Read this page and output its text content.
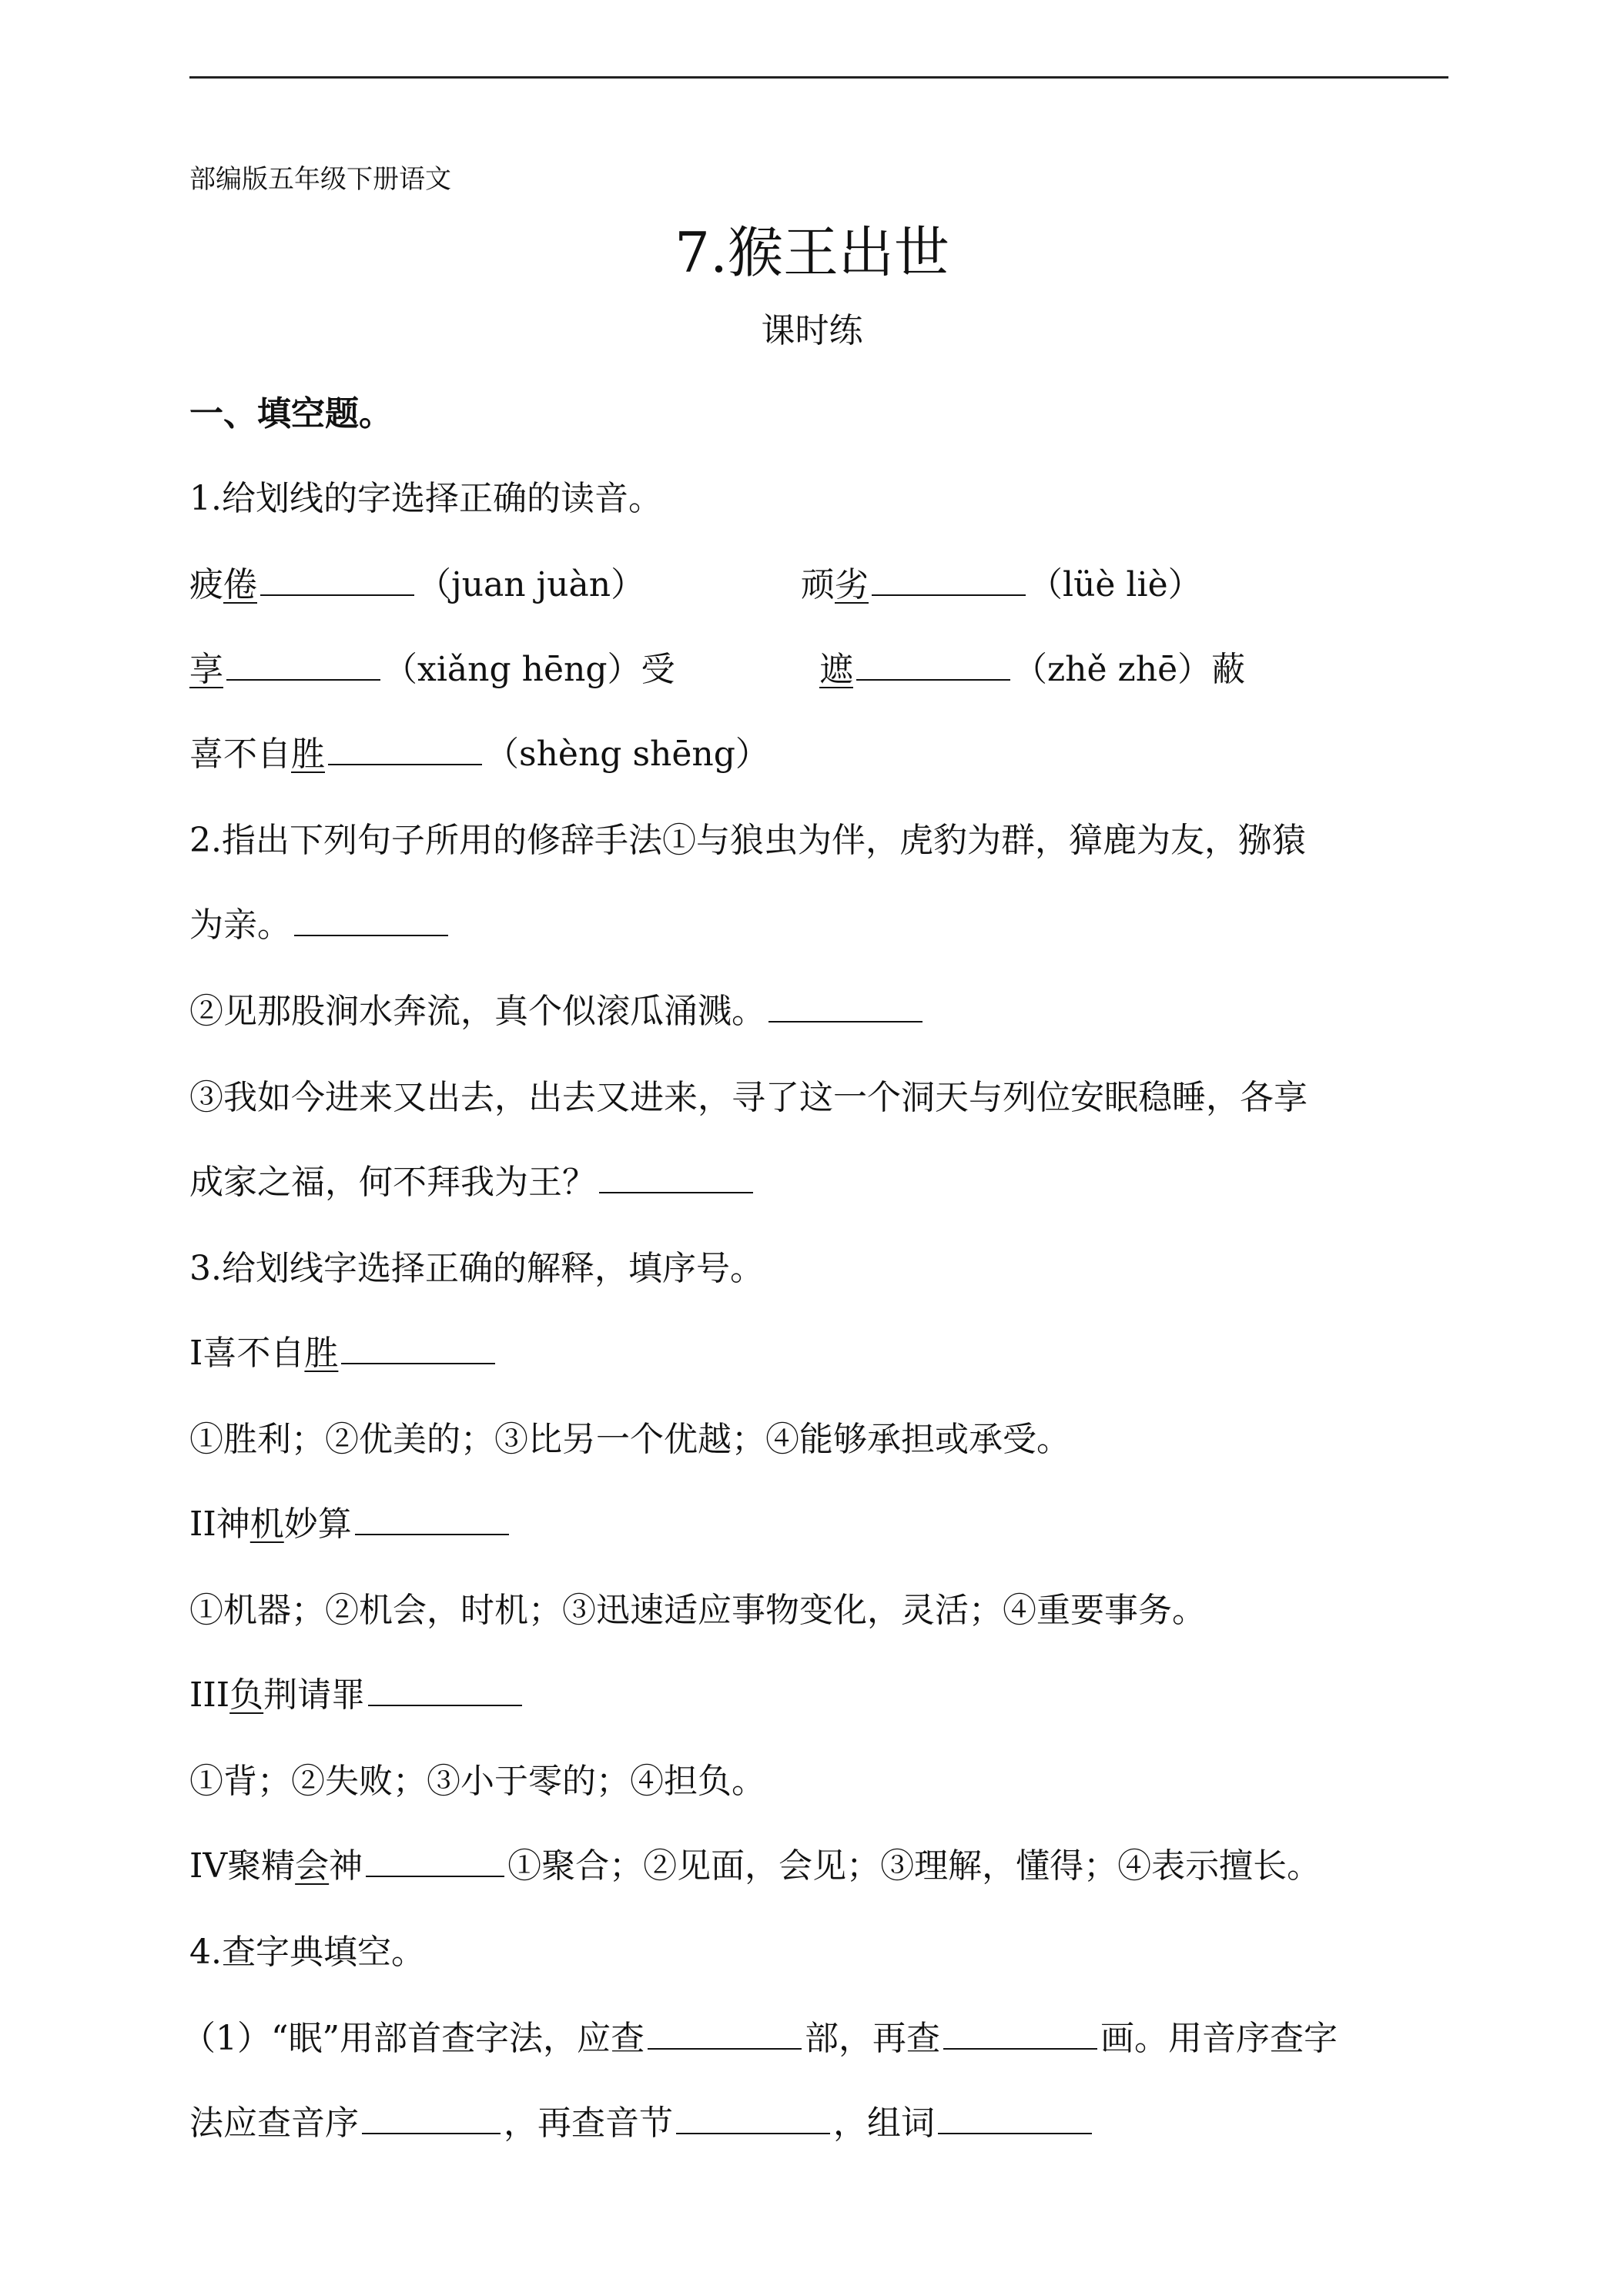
部编版五年级下册语文
7.猴王出世
课时练
一、填空题。
1.给划线的字选择正确的读音。
疲倦	（juan juàn）	顽劣	（lüè liè）
享	（xiǎng hēng）受	遮	（zhě zhē）蔽
喜不自胜	（shèng shēng）
2.指出下列句子所用的修辞手法①与狼虫为伴，虎豹为群，獐鹿为友，猕猿
为亲。
②见那股涧水奔流，真个似滚瓜涌溅。
③我如今进来又出去，出去又进来，寻了这一个洞天与列位安眠稳睡，各享
成家之福，何不拜我为王？
3.给划线字选择正确的解释，填序号。
I喜不自胜
①胜利；②优美的；③比另一个优越；④能够承担或承受。
II神机妙算
①机器；②机会，时机；③迅速适应事物变化，灵活；④重要事务。
III负荆请罪
①背；②失败；③小于零的；④担负。
IV聚精会神	①聚合；②见面，会见；③理解，懂得；④表示擅长。
4.查字典填空。
（1）“眠”用部首查字法，应查	部，再查	画。用音序查字
法应查音序	，再查音节	，组词
